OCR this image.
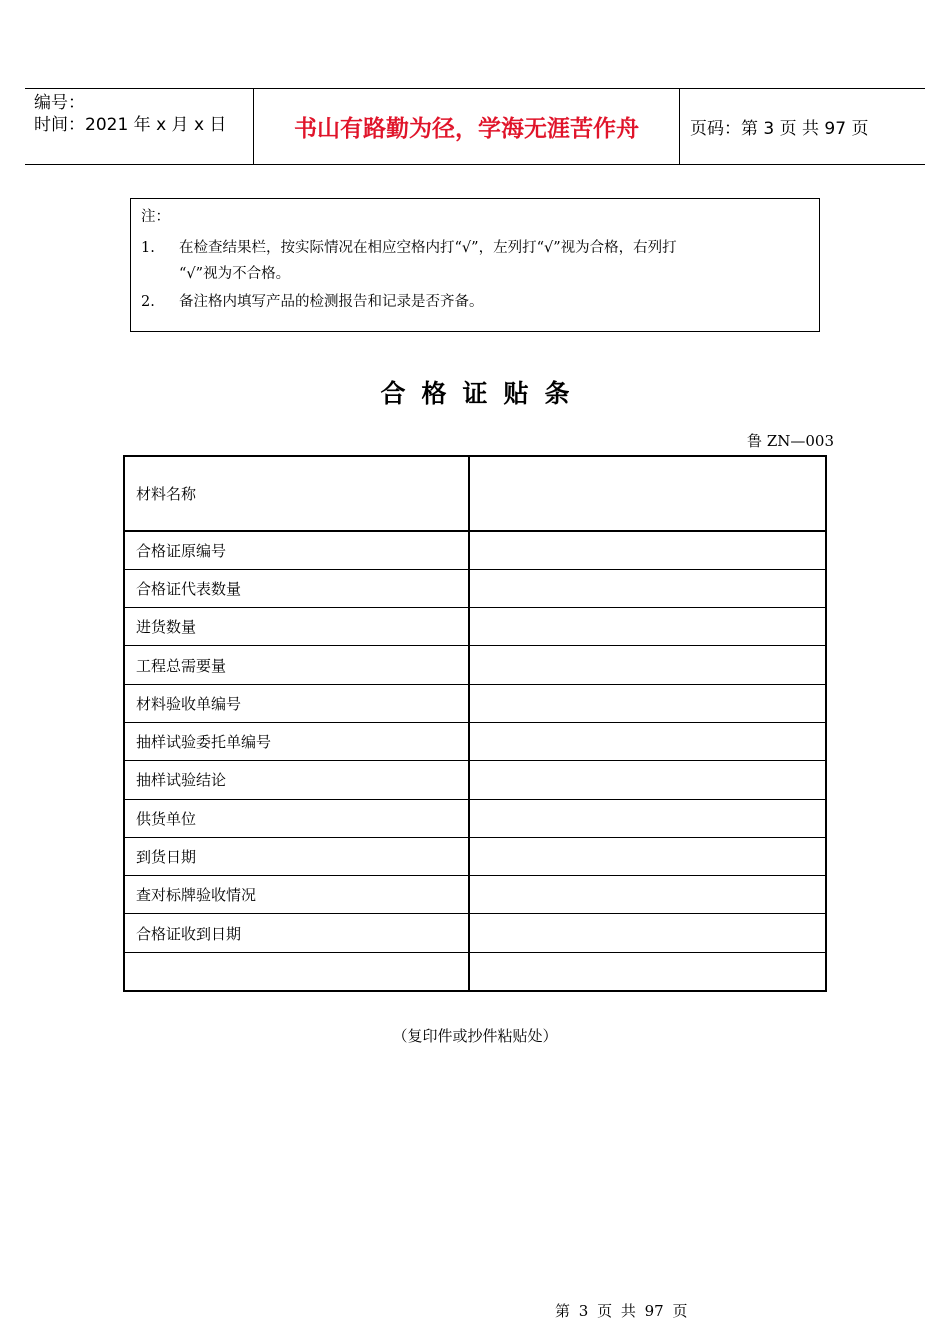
编号：
时间：2021 年 x 月 x 日	书山有路勤为径，学海无涯苦作舟	页码：第 3 页 共 97 页
注：
1.	在检查结果栏，按实际情况在相应空格内打“√”，左列打“√”视为合格，右列打
“√”视为不合格。
2.	备注格内填写产品的检测报告和记录是否齐备。
合格证贴条
鲁 ZN—003
材料名称	
合格证原编号	
合格证代表数量	
进货数量	
工程总需要量	
材料验收单编号	
抽样试验委托单编号	
抽样试验结论	
供货单位	
到货日期	
查对标牌验收情况	
合格证收到日期	

（复印件或抄件粘贴处）
第 3 页 共 97 页
